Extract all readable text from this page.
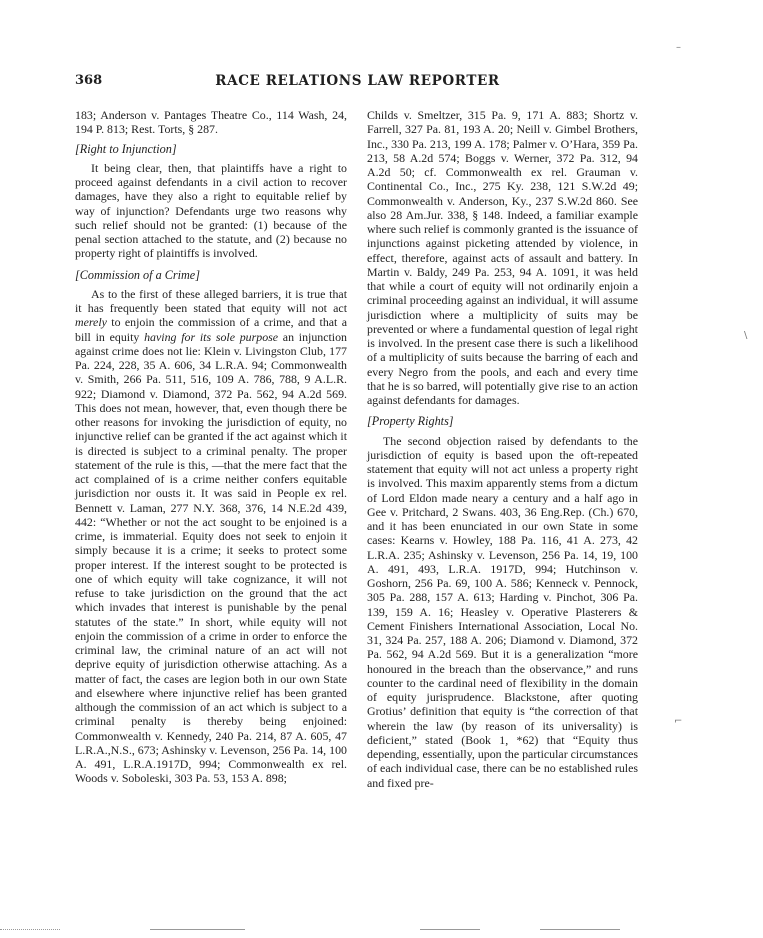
–
\
⌐
368	RACE RELATIONS LAW REPORTER

183; Anderson v. Pantages Theatre Co., 114 Wash, 24, 194 P. 813; Rest. Torts, § 287.

[Right to Injunction]

It being clear, then, that plaintiffs have a right to proceed against defendants in a civil action to recover damages, have they also a right to equitable relief by way of injunction? Defendants urge two reasons why such relief should not be granted: (1) because of the penal section attached to the statute, and (2) because no property right of plaintiffs is involved.

[Commission of a Crime]

As to the first of these alleged barriers, it is true that it has frequently been stated that equity will not act merely to enjoin the commission of a crime, and that a bill in equity having for its sole purpose an injunction against crime does not lie: Klein v. Livingston Club, 177 Pa. 224, 228, 35 A. 606, 34 L.R.A. 94; Commonwealth v. Smith, 266 Pa. 511, 516, 109 A. 786, 788, 9 A.L.R. 922; Diamond v. Diamond, 372 Pa. 562, 94 A.2d 569. This does not mean, however, that, even though there be other reasons for invoking the jurisdiction of equity, no injunctive relief can be granted if the act against which it is directed is subject to a criminal penalty. The proper statement of the rule is this, —that the mere fact that the act complained of is a crime neither confers equitable jurisdiction nor ousts it. It was said in People ex rel. Bennett v. Laman, 277 N.Y. 368, 376, 14 N.E.2d 439, 442: “Whether or not the act sought to be enjoined is a crime, is immaterial. Equity does not seek to enjoin it simply because it is a crime; it seeks to protect some proper interest. If the interest sought to be protected is one of which equity will take cognizance, it will not refuse to take jurisdiction on the ground that the act which invades that interest is punishable by the penal statutes of the state.” In short, while equity will not enjoin the commission of a crime in order to enforce the criminal law, the criminal nature of an act will not deprive equity of jurisdiction otherwise attaching. As a matter of fact, the cases are legion both in our own State and elsewhere where injunctive relief has been granted although the commission of an act which is subject to a criminal penalty is thereby being enjoined: Commonwealth v. Kennedy, 240 Pa. 214, 87 A. 605, 47 L.R.A.,N.S., 673; Ashinsky v. Levenson, 256 Pa. 14, 100 A. 491, L.R.A.1917D, 994; Commonwealth ex rel. Woods v. Soboleski, 303 Pa. 53, 153 A. 898;

Childs v. Smeltzer, 315 Pa. 9, 171 A. 883; Shortz v. Farrell, 327 Pa. 81, 193 A. 20; Neill v. Gimbel Brothers, Inc., 330 Pa. 213, 199 A. 178; Palmer v. O’Hara, 359 Pa. 213, 58 A.2d 574; Boggs v. Werner, 372 Pa. 312, 94 A.2d 50; cf. Commonwealth ex rel. Grauman v. Continental Co., Inc., 275 Ky. 238, 121 S.W.2d 49; Commonwealth v. Anderson, Ky., 237 S.W.2d 860. See also 28 Am.Jur. 338, § 148. Indeed, a familiar example where such relief is commonly granted is the issuance of injunctions against picketing attended by violence, in effect, therefore, against acts of assault and battery. In Martin v. Baldy, 249 Pa. 253, 94 A. 1091, it was held that while a court of equity will not ordinarily enjoin a criminal proceeding against an individual, it will assume jurisdiction where a multiplicity of suits may be prevented or where a fundamental question of legal right is involved. In the present case there is such a likelihood of a multiplicity of suits because the barring of each and every Negro from the pools, and each and every time that he is so barred, will potentially give rise to an action against defendants for damages.

[Property Rights]

The second objection raised by defendants to the jurisdiction of equity is based upon the oft-repeated statement that equity will not act unless a property right is involved. This maxim apparently stems from a dictum of Lord Eldon made neary a century and a half ago in Gee v. Pritchard, 2 Swans. 403, 36 Eng.Rep. (Ch.) 670, and it has been enunciated in our own State in some cases: Kearns v. Howley, 188 Pa. 116, 41 A. 273, 42 L.R.A. 235; Ashinsky v. Levenson, 256 Pa. 14, 19, 100 A. 491, 493, L.R.A. 1917D, 994; Hutchinson v. Goshorn, 256 Pa. 69, 100 A. 586; Kenneck v. Pennock, 305 Pa. 288, 157 A. 613; Harding v. Pinchot, 306 Pa. 139, 159 A. 16; Heasley v. Operative Plasterers & Cement Finishers International Association, Local No. 31, 324 Pa. 257, 188 A. 206; Diamond v. Diamond, 372 Pa. 562, 94 A.2d 569. But it is a generalization “more honoured in the breach than the observance,” and runs counter to the cardinal need of flexibility in the domain of equity jurisprudence. Blackstone, after quoting Grotius’ definition that equity is “the correction of that wherein the law (by reason of its universality) is deficient,” stated (Book 1, *62) that “Equity thus depending, essentially, upon the particular circumstances of each individual case, there can be no established rules and fixed pre-
